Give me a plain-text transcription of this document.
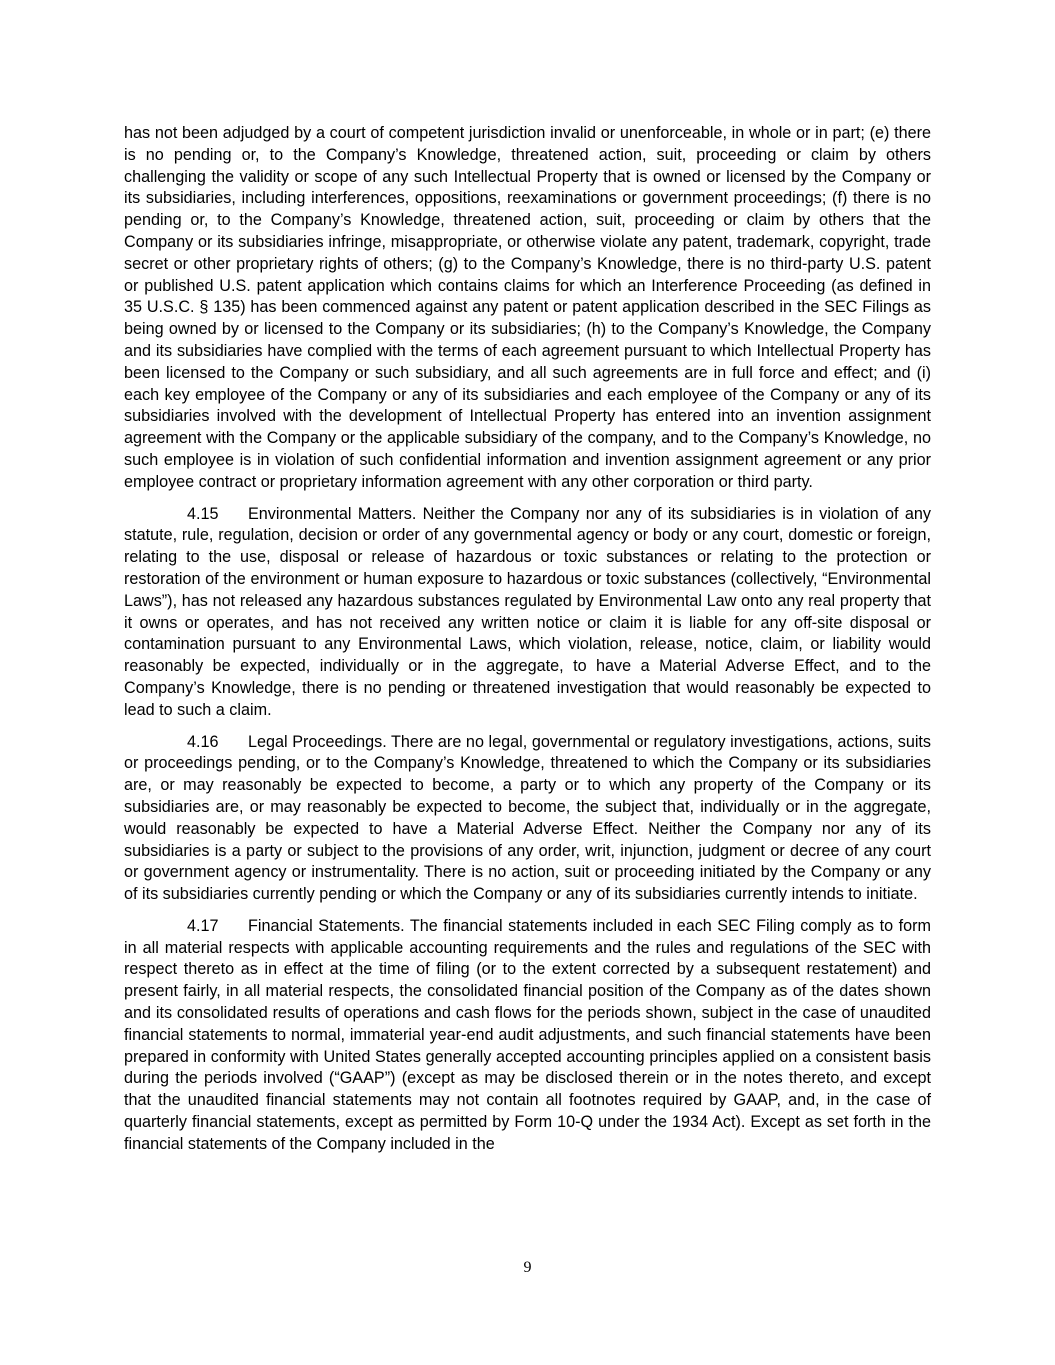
has not been adjudged by a court of competent jurisdiction invalid or unenforceable, in whole or in part; (e) there is no pending or, to the Company’s Knowledge, threatened action, suit, proceeding or claim by others challenging the validity or scope of any such Intellectual Property that is owned or licensed by the Company or its subsidiaries, including interferences, oppositions, reexaminations or government proceedings; (f) there is no pending or, to the Company’s Knowledge, threatened action, suit, proceeding or claim by others that the Company or its subsidiaries infringe, misappropriate, or otherwise violate any patent, trademark, copyright, trade secret or other proprietary rights of others; (g) to the Company’s Knowledge, there is no third-party U.S. patent or published U.S. patent application which contains claims for which an Interference Proceeding (as defined in 35 U.S.C. § 135) has been commenced against any patent or patent application described in the SEC Filings as being owned by or licensed to the Company or its subsidiaries; (h) to the Company’s Knowledge, the Company and its subsidiaries have complied with the terms of each agreement pursuant to which Intellectual Property has been licensed to the Company or such subsidiary, and all such agreements are in full force and effect; and (i) each key employee of the Company or any of its subsidiaries and each employee of the Company or any of its subsidiaries involved with the development of Intellectual Property has entered into an invention assignment agreement with the Company or the applicable subsidiary of the company, and to the Company’s Knowledge, no such employee is in violation of such confidential information and invention assignment agreement or any prior employee contract or proprietary information agreement with any other corporation or third party.

4.15 Environmental Matters. Neither the Company nor any of its subsidiaries is in violation of any statute, rule, regulation, decision or order of any governmental agency or body or any court, domestic or foreign, relating to the use, disposal or release of hazardous or toxic substances or relating to the protection or restoration of the environment or human exposure to hazardous or toxic substances (collectively, “Environmental Laws”), has not released any hazardous substances regulated by Environmental Law onto any real property that it owns or operates, and has not received any written notice or claim it is liable for any off-site disposal or contamination pursuant to any Environmental Laws, which violation, release, notice, claim, or liability would reasonably be expected, individually or in the aggregate, to have a Material Adverse Effect, and to the Company’s Knowledge, there is no pending or threatened investigation that would reasonably be expected to lead to such a claim.

4.16 Legal Proceedings. There are no legal, governmental or regulatory investigations, actions, suits or proceedings pending, or to the Company’s Knowledge, threatened to which the Company or its subsidiaries are, or may reasonably be expected to become, a party or to which any property of the Company or its subsidiaries are, or may reasonably be expected to become, the subject that, individually or in the aggregate, would reasonably be expected to have a Material Adverse Effect. Neither the Company nor any of its subsidiaries is a party or subject to the provisions of any order, writ, injunction, judgment or decree of any court or government agency or instrumentality. There is no action, suit or proceeding initiated by the Company or any of its subsidiaries currently pending or which the Company or any of its subsidiaries currently intends to initiate.

4.17 Financial Statements. The financial statements included in each SEC Filing comply as to form in all material respects with applicable accounting requirements and the rules and regulations of the SEC with respect thereto as in effect at the time of filing (or to the extent corrected by a subsequent restatement) and present fairly, in all material respects, the consolidated financial position of the Company as of the dates shown and its consolidated results of operations and cash flows for the periods shown, subject in the case of unaudited financial statements to normal, immaterial year-end audit adjustments, and such financial statements have been prepared in conformity with United States generally accepted accounting principles applied on a consistent basis during the periods involved (“GAAP”) (except as may be disclosed therein or in the notes thereto, and except that the unaudited financial statements may not contain all footnotes required by GAAP, and, in the case of quarterly financial statements, except as permitted by Form 10-Q under the 1934 Act). Except as set forth in the financial statements of the Company included in the

9
